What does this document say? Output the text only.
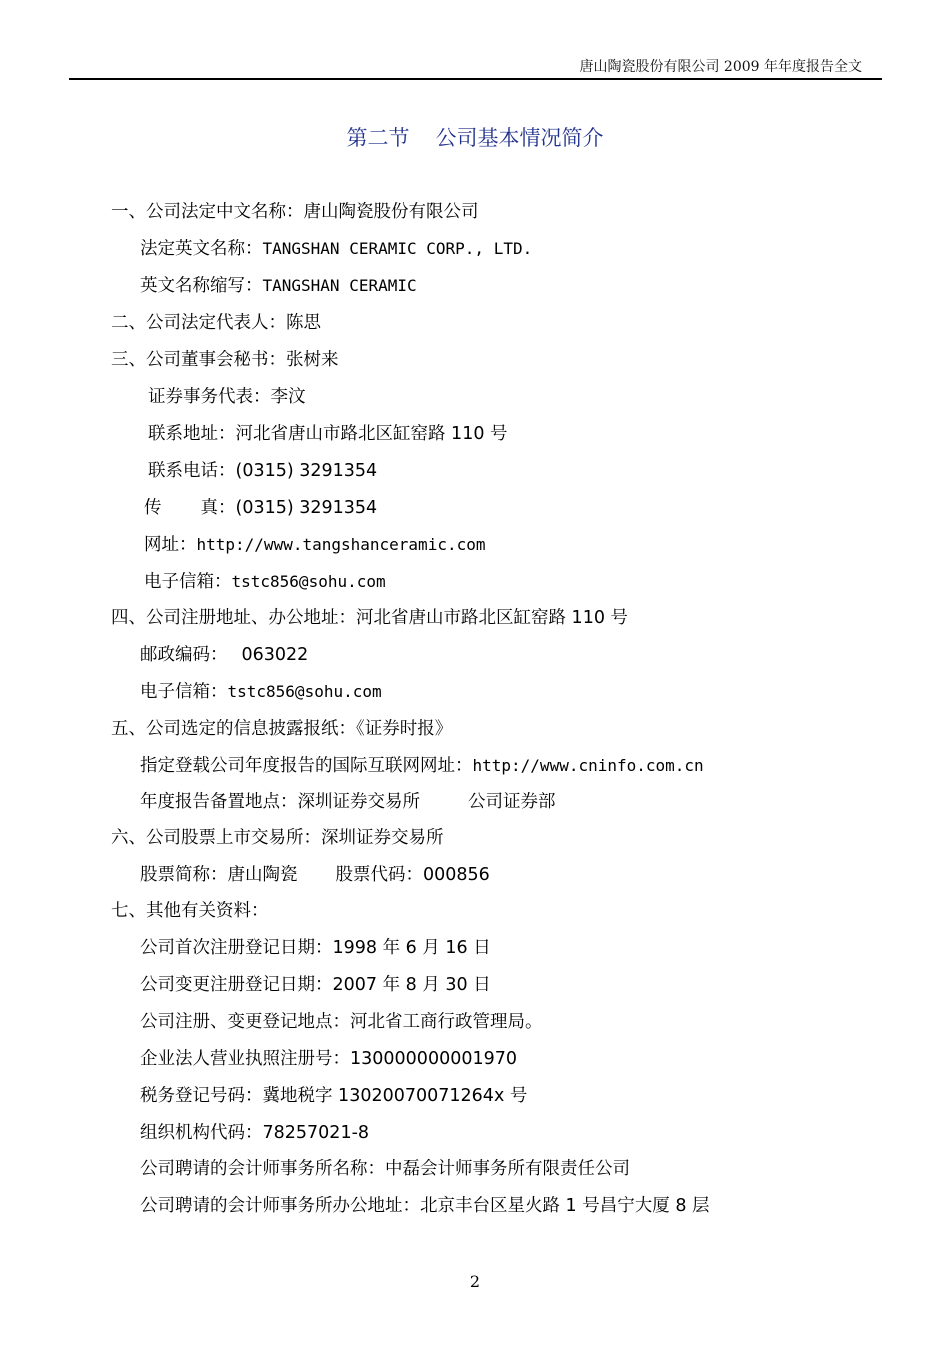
唐山陶瓷股份有限公司 2009 年年度报告全文
第二节 公司基本情况简介
一、公司法定中文名称：唐山陶瓷股份有限公司
法定英文名称：TANGSHAN CERAMIC CORP., LTD.
英文名称缩写：TANGSHAN CERAMIC
二、公司法定代表人：陈思
三、公司董事会秘书：张树来
证券事务代表：李汶
联系地址：河北省唐山市路北区缸窑路 110 号
联系电话：(0315) 3291354
传 真：(0315) 3291354
网址：http://www.tangshanceramic.com
电子信箱：tstc856@sohu.com
四、公司注册地址、办公地址：河北省唐山市路北区缸窑路 110 号
邮政编码： 063022
电子信箱：tstc856@sohu.com
五、公司选定的信息披露报纸：《证券时报》
指定登载公司年度报告的国际互联网网址：http://www.cninfo.com.cn
年度报告备置地点：深圳证券交易所	公司证券部
六、公司股票上市交易所：深圳证券交易所
股票简称：唐山陶瓷 股票代码：000856
七、其他有关资料：
公司首次注册登记日期：1998 年 6 月 16 日
公司变更注册登记日期：2007 年 8 月 30 日
公司注册、变更登记地点：河北省工商行政管理局。
企业法人营业执照注册号：130000000001970
税务登记号码：冀地税字 13020070071264x 号
组织机构代码：78257021-8
公司聘请的会计师事务所名称：中磊会计师事务所有限责任公司
公司聘请的会计师事务所办公地址：北京丰台区星火路 1 号昌宁大厦 8 层
2
